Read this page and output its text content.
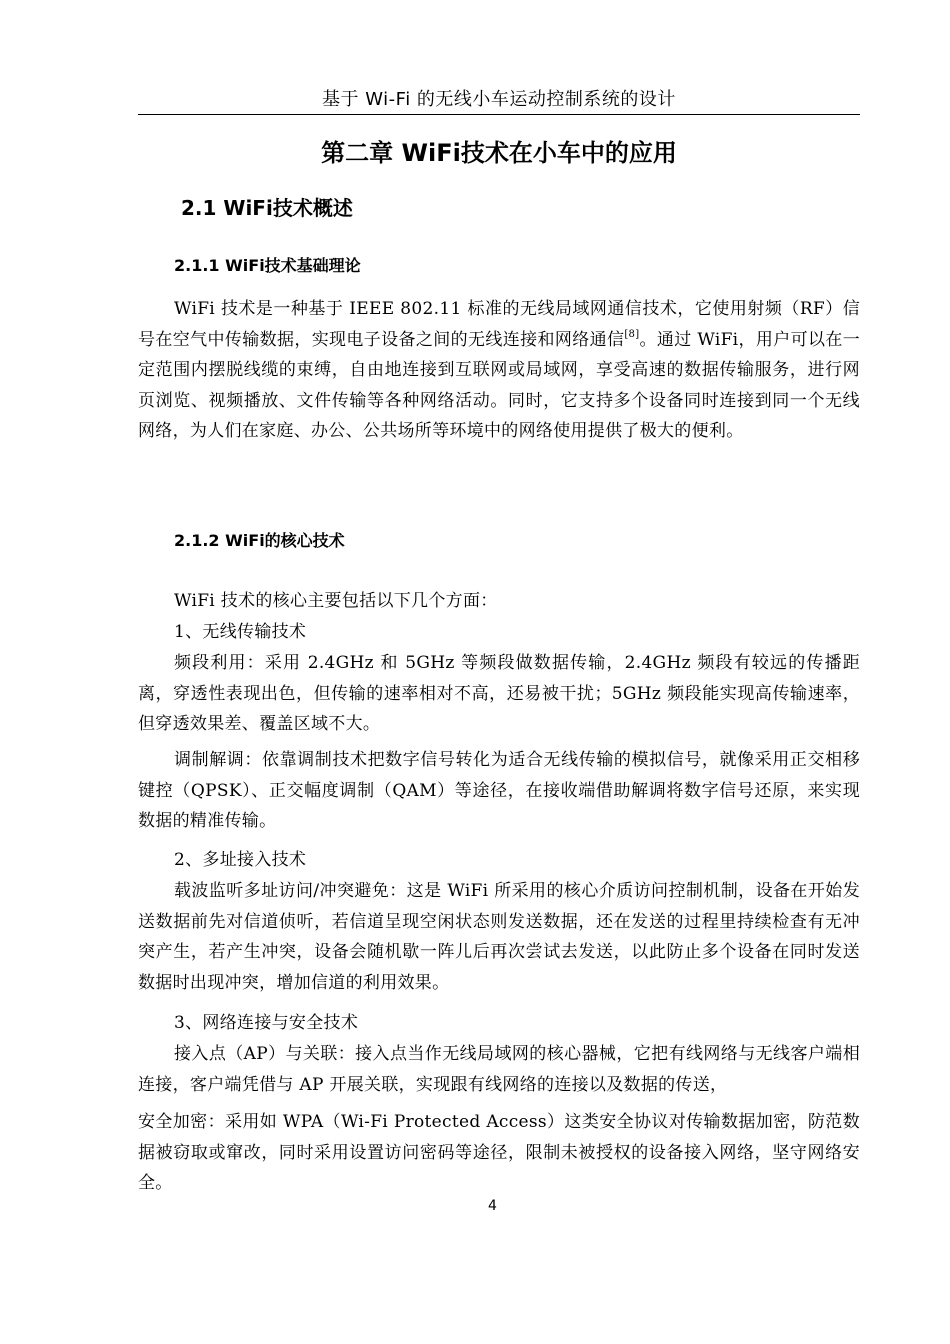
基于 Wi-Fi 的无线小车运动控制系统的设计
第二章 WiFi技术在小车中的应用
2.1 WiFi技术概述
2.1.1 WiFi技术基础理论

WiFi 技术是一种基于 IEEE 802.11 标准的无线局域网通信技术，它使用射频（RF）信号在空气中传输数据，实现电子设备之间的无线连接和网络通信[8]。通过 WiFi，用户可以在一定范围内摆脱线缆的束缚，自由地连接到互联网或局域网，享受高速的数据传输服务，进行网页浏览、视频播放、文件传输等各种网络活动。同时，它支持多个设备同时连接到同一个无线网络，为人们在家庭、办公、公共场所等环境中的网络使用提供了极大的便利。

2.1.2 WiFi的核心技术
WiFi 技术的核心主要包括以下几个方面：
1、无线传输技术

频段利用：采用 2.4GHz 和 5GHz 等频段做数据传输，2.4GHz 频段有较远的传播距离，穿透性表现出色，但传输的速率相对不高，还易被干扰；5GHz 频段能实现高传输速率，但穿透效果差、覆盖区域不大。

调制解调：依靠调制技术把数字信号转化为适合无线传输的模拟信号，就像采用正交相移键控（QPSK）、正交幅度调制（QAM）等途径，在接收端借助解调将数字信号还原，来实现数据的精准传输。

2、多址接入技术

载波监听多址访问/冲突避免：这是 WiFi 所采用的核心介质访问控制机制，设备在开始发送数据前先对信道侦听，若信道呈现空闲状态则发送数据，还在发送的过程里持续检查有无冲突产生，若产生冲突，设备会随机歇一阵儿后再次尝试去发送，以此防止多个设备在同时发送数据时出现冲突，增加信道的利用效果。

3、网络连接与安全技术

接入点（AP）与关联：接入点当作无线局域网的核心器械，它把有线网络与无线客户端相连接，客户端凭借与 AP 开展关联，实现跟有线网络的连接以及数据的传送，

安全加密：采用如 WPA（Wi-Fi Protected Access）这类安全协议对传输数据加密，防范数据被窃取或窜改，同时采用设置访问密码等途径，限制未被授权的设备接入网络，坚守网络安全。

4
